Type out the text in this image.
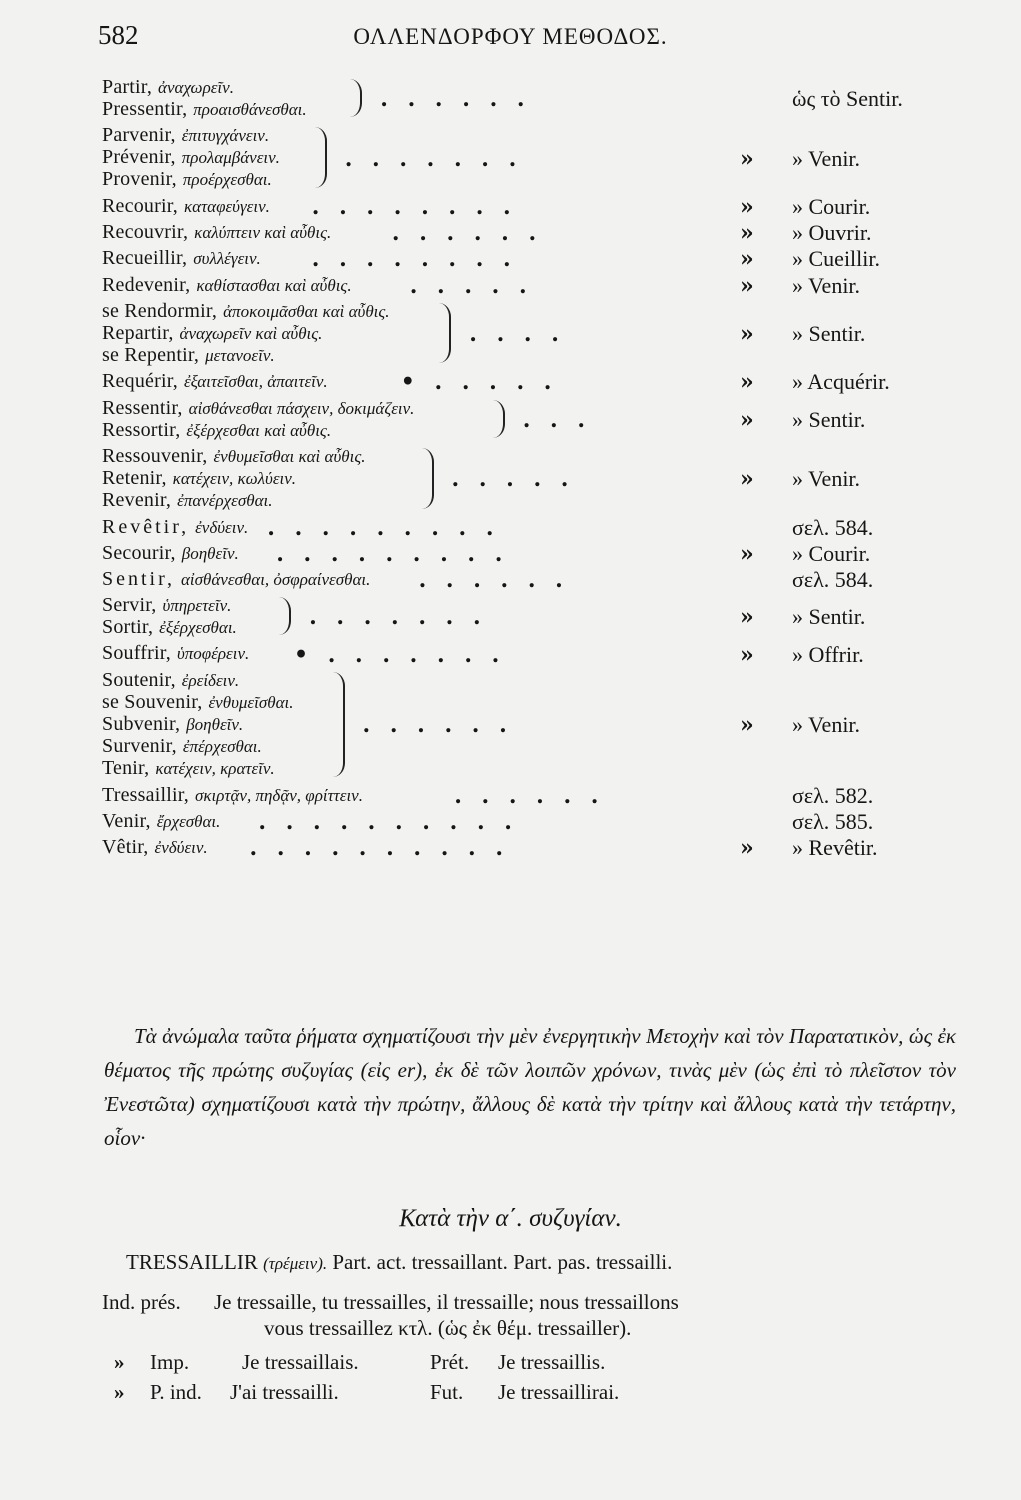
582	ΟΛΛΕΝΔΟΡΦΟΥ ΜΕΘΟΔΟΣ.
Partir, ἀναχωρεῖν.
Pressentir, προαισθάνεσθαι.	. . . . . .	ὡς τὸ Sentir.
Parvenir, ἐπιτυγχάνειν.
Prévenir, προλαμβάνειν.
Provenir, προέρχεσθαι.
. . . . . . .	» » Venir.
Recourir, καταφεύγειν. . . . . . . . .	» » Courir.
Recouvrir, καλύπτειν καὶ αὖθις.	. . . . . .	» » Ouvrir.
Recueillir, συλλέγειν. . . . . . . . .	» » Cueillir.
Redevenir, καθίστασθαι καὶ αὖθις.	. . . . .	» » Venir.
se Rendormir, ἀποκοιμᾶσθαι καὶ αὖθις.
Repartir, ἀναχωρεῖν καὶ αὖθις.
se Repentir, μετανοεῖν.
. . . .	» » Sentir.
Requérir, ἐξαιτεῖσθαι, ἀπαιτεῖν.	• . . . . .	» » Acquérir.
Ressentir, αἰσθάνεσθαι πάσχειν, δοκιμάζειν.
Ressortir, ἐξέρχεσθαι καὶ αὖθις.	. . .	» » Sentir.
Ressouvenir, ἐνθυμεῖσθαι καὶ αὖθις.
Retenir, κατέχειν, κωλύειν.
Revenir, ἐπανέρχεσθαι.
. . . . .	» » Venir.
Revêtir, ἐνδύειν. . . . . . . . . .	σελ. 584.
Secourir, βοηθεῖν. . . . . . . . . .	» » Courir.
Sentir, αἰσθάνεσθαι, ὀσφραίνεσθαι. . . . . . .	σελ. 584.
Servir, ὑπηρετεῖν.
Sortir, ἐξέρχεσθαι.	. . . . . . .	» » Sentir.
Souffrir, ὑποφέρειν. • . . . . . . .	» » Offrir.
Soutenir, ἐρείδειν.
se Souvenir, ἐνθυμεῖσθαι.
Subvenir, βοηθεῖν.
Survenir, ἐπέρχεσθαι.
Tenir, κατέχειν, κρατεῖν.
. . . . . .	» » Venir.
Tressaillir, σκιρτᾷν, πηδᾷν, φρίττειν.	. . . . . .	σελ. 582.
Venir, ἔρχεσθαι. . . . . . . . . . .	σελ. 585.
Vêtir, ἐνδύειν. . . . . . . . . . .	» » Revêtir.
Τὰ ἀνώμαλα ταῦτα ῥήματα σχηματίζουσι τὴν μὲν ἐνεργητικὴν Μετοχὴν καὶ τὸν Παρατατικὸν, ὡς ἐκ θέματος τῆς πρώτης συζυγίας (εἰς er), ἐκ δὲ τῶν λοιπῶν χρόνων, τινὰς μὲν (ὡς ἐπὶ τὸ πλεῖστον τὸν Ἐνεστῶτα) σχηματίζουσι κατὰ τὴν πρώτην, ἄλλους δὲ κατὰ τὴν τρίτην καὶ ἄλλους κατὰ τὴν τετάρτην, οἷον·
Κατὰ τὴν α΄. συζυγίαν.
TRESSAILLIR (τρέμειν). Part. act. tressaillant. Part. pas. tressailli.
Ind. prés. Je tressaille, tu tressailles, il tressaille; nous tressaillons
vous tressaillez κτλ. (ὡς ἐκ θέμ. tressailler).
» Imp.	Je tressaillais.	Prét. Je tressaillis.
» P. ind. J'ai tressailli.	Fut. Je tressaillirai.
